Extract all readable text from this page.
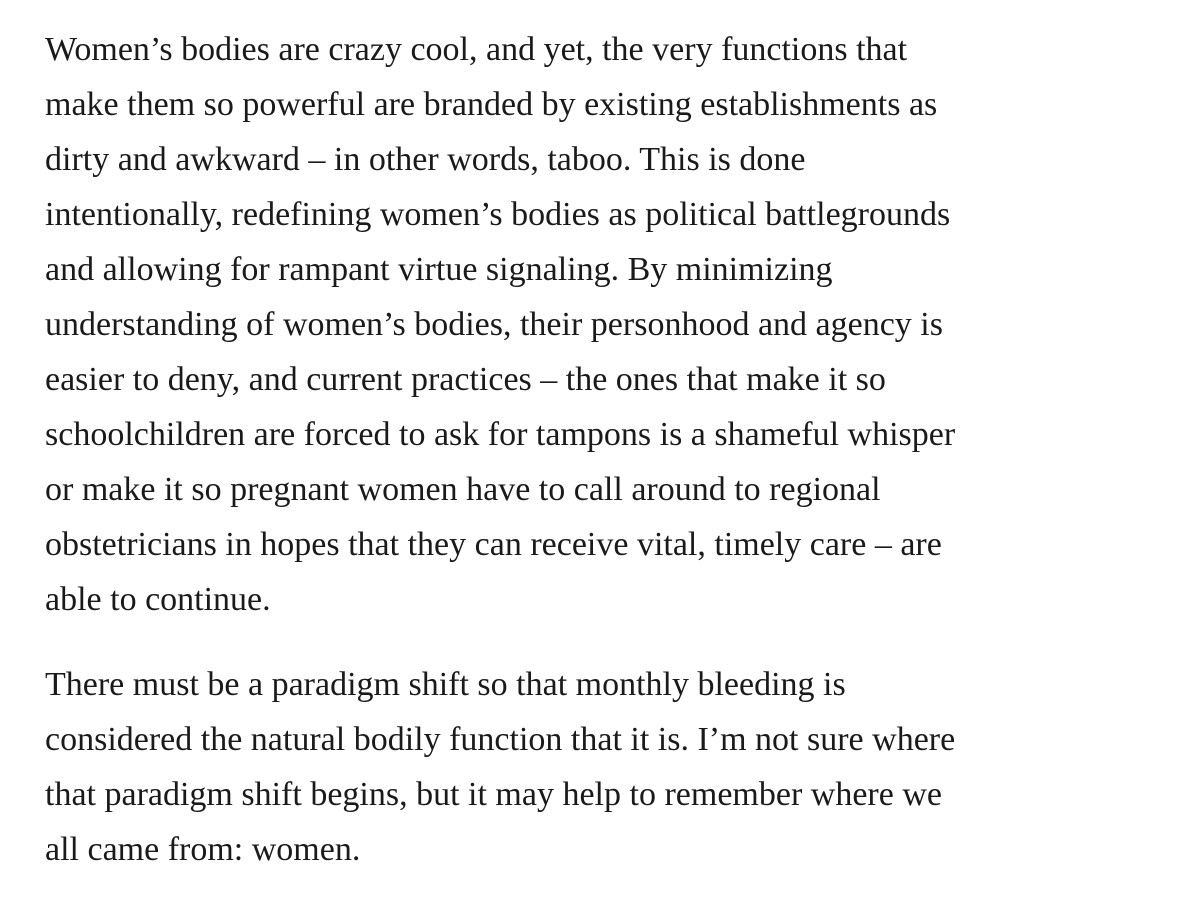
Women’s bodies are crazy cool, and yet, the very functions that
make them so powerful are branded by existing establishments as
dirty and awkward – in other words, taboo. This is done
intentionally, redefining women’s bodies as political battlegrounds
and allowing for rampant virtue signaling. By minimizing
understanding of women’s bodies, their personhood and agency is
easier to deny, and current practices – the ones that make it so
schoolchildren are forced to ask for tampons is a shameful whisper
or make it so pregnant women have to call around to regional
obstetricians in hopes that they can receive vital, timely care – are
able to continue.

There must be a paradigm shift so that monthly bleeding is
considered the natural bodily function that it is. I’m not sure where
that paradigm shift begins, but it may help to remember where we
all came from: women.
